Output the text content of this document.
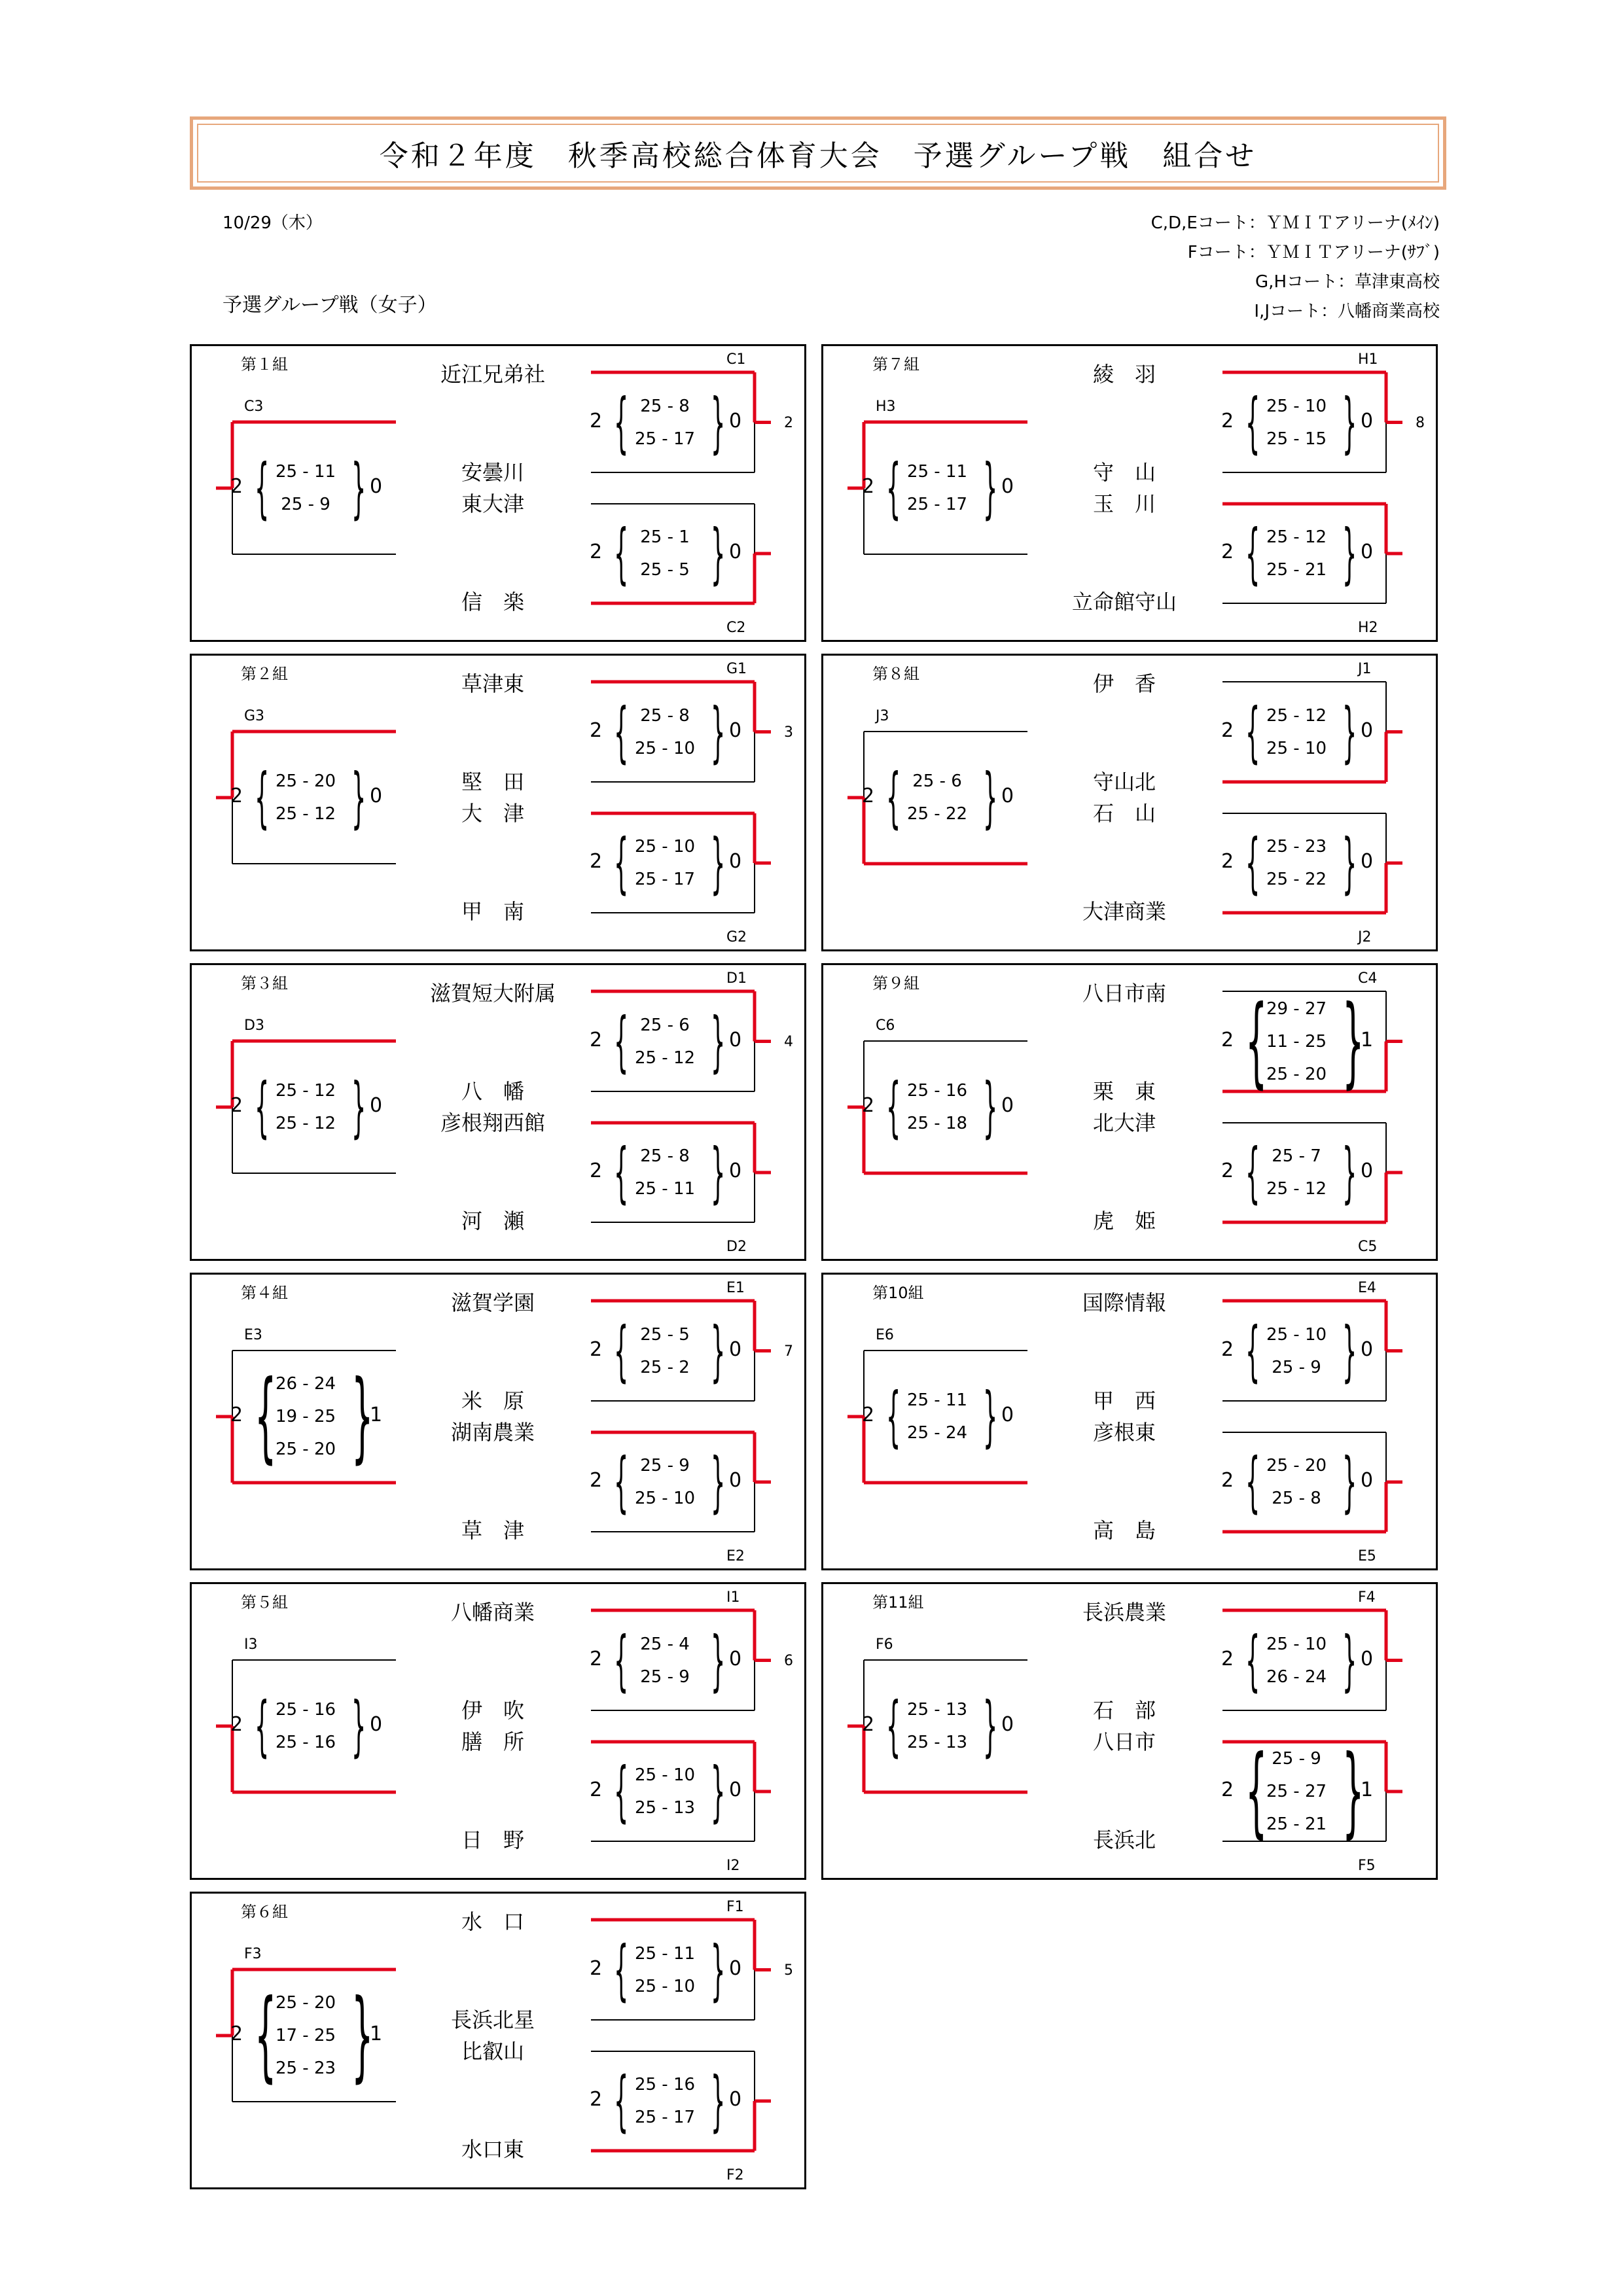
令和２年度　秋季高校総合体育大会　予選グループ戦　組合せ
10/29（木）
予選グループ戦（女子）
C,D,Eコート：ＹＭＩＴアリーナ(ﾒｲﾝ)
Fコート：ＹＭＩＴアリーナ(ｻﾌﾞ)
G,Hコート：草津東高校
I,Jコート：八幡商業高校
第１組	近江兄弟社
安曇川
東大津
信　楽
C1
C2
C3
2	0
{ }
25 - 8
25 - 17
2	0
{ }
25 - 1
25 - 5
2	0
{ }
25 - 11
25 - 9
2
第２組	草津東
堅　田
大　津
甲　南
G1
G2
G3
2	0
{ }
25 - 8
25 - 10
2	0
{ }
25 - 10
25 - 17
2	0
{ }
25 - 20
25 - 12
3
第３組	滋賀短大附属
八　幡
彦根翔西館
河　瀬
D1
D2
D3
2	0
{ }
25 - 6
25 - 12
2	0
{ }
25 - 8
25 - 11
2	0
{ }
25 - 12
25 - 12
4
第４組	滋賀学園
米　原
湖南農業
草　津
E1
E2
E3
2	0
{ }
25 - 5
25 - 2
2	0
{ }
25 - 9
25 - 10
2	1
{ }
26 - 24
19 - 25
25 - 20
7
第５組	八幡商業
伊　吹
膳　所
日　野
I1
I2
I3
2	0
{ }
25 - 4
25 - 9
2	0
{ }
25 - 10
25 - 13
2	0
{ }
25 - 16
25 - 16
6
第６組	水　口
長浜北星
比叡山
水口東
F1
F2
F3
2	0
{ }
25 - 11
25 - 10
2	0
{ }
25 - 16
25 - 17
2	1
{ }
25 - 20
17 - 25
25 - 23
5
第７組	綾　羽
守　山
玉　川
立命館守山
H1
H2
H3
2	0
{ }
25 - 10
25 - 15
2	0
{ }
25 - 12
25 - 21
2	0
{ }
25 - 11
25 - 17
8
第８組	伊　香
守山北
石　山
大津商業
J1
J2
J3
2	0
{ }
25 - 12
25 - 10
2	0
{ }
25 - 23
25 - 22
2	0
{ }
25 - 6
25 - 22
第９組	八日市南
栗　東
北大津
虎　姫
C4
C5
C6
2	1
{ }
29 - 27
11 - 25
25 - 20
2	0
{ }
25 - 7
25 - 12
2	0
{ }
25 - 16
25 - 18
第10組	国際情報
甲　西
彦根東
高　島
E4
E5
E6
2	0
{ }
25 - 10
25 - 9
2	0
{ }
25 - 20
25 - 8
2	0
{ }
25 - 11
25 - 24
第11組	長浜農業
石　部
八日市
長浜北
F4
F5
F6
2	0
{ }
25 - 10
26 - 24
2	1
{ }
25 - 9
25 - 27
25 - 21
2	0
{ }
25 - 13
25 - 13
